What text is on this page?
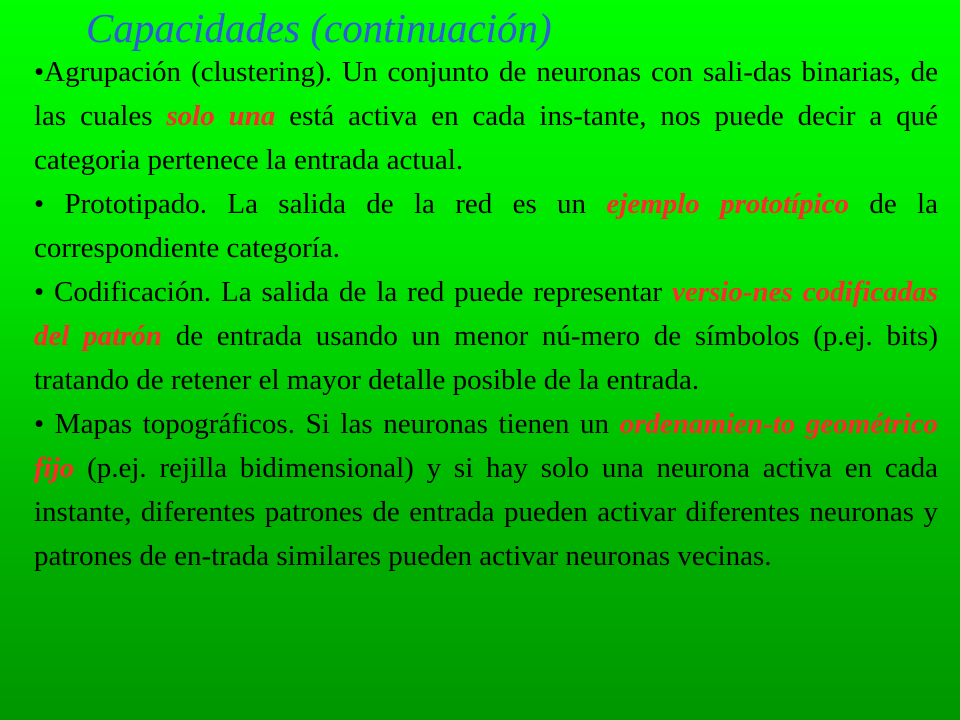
Capacidades (continuación)

•Agrupación (clustering). Un conjunto de neuronas con sali-das binarias, de las cuales solo una está activa en cada ins-tante, nos puede decir a qué categoria pertenece la entrada actual.

• Prototipado. La salida de la red es un ejemplo prototípico de la correspondiente categoría.

• Codificación. La salida de la red puede representar versio-nes codificadas del patrón de entrada usando un menor nú-mero de símbolos (p.ej. bits) tratando de retener el mayor detalle posible de la entrada.

• Mapas topográficos. Si las neuronas tienen un ordenamien-to geométrico fijo (p.ej. rejilla bidimensional) y si hay solo una neurona activa en cada instante, diferentes patrones de entrada pueden activar diferentes neuronas y patrones de en-trada similares pueden activar neuronas vecinas.
